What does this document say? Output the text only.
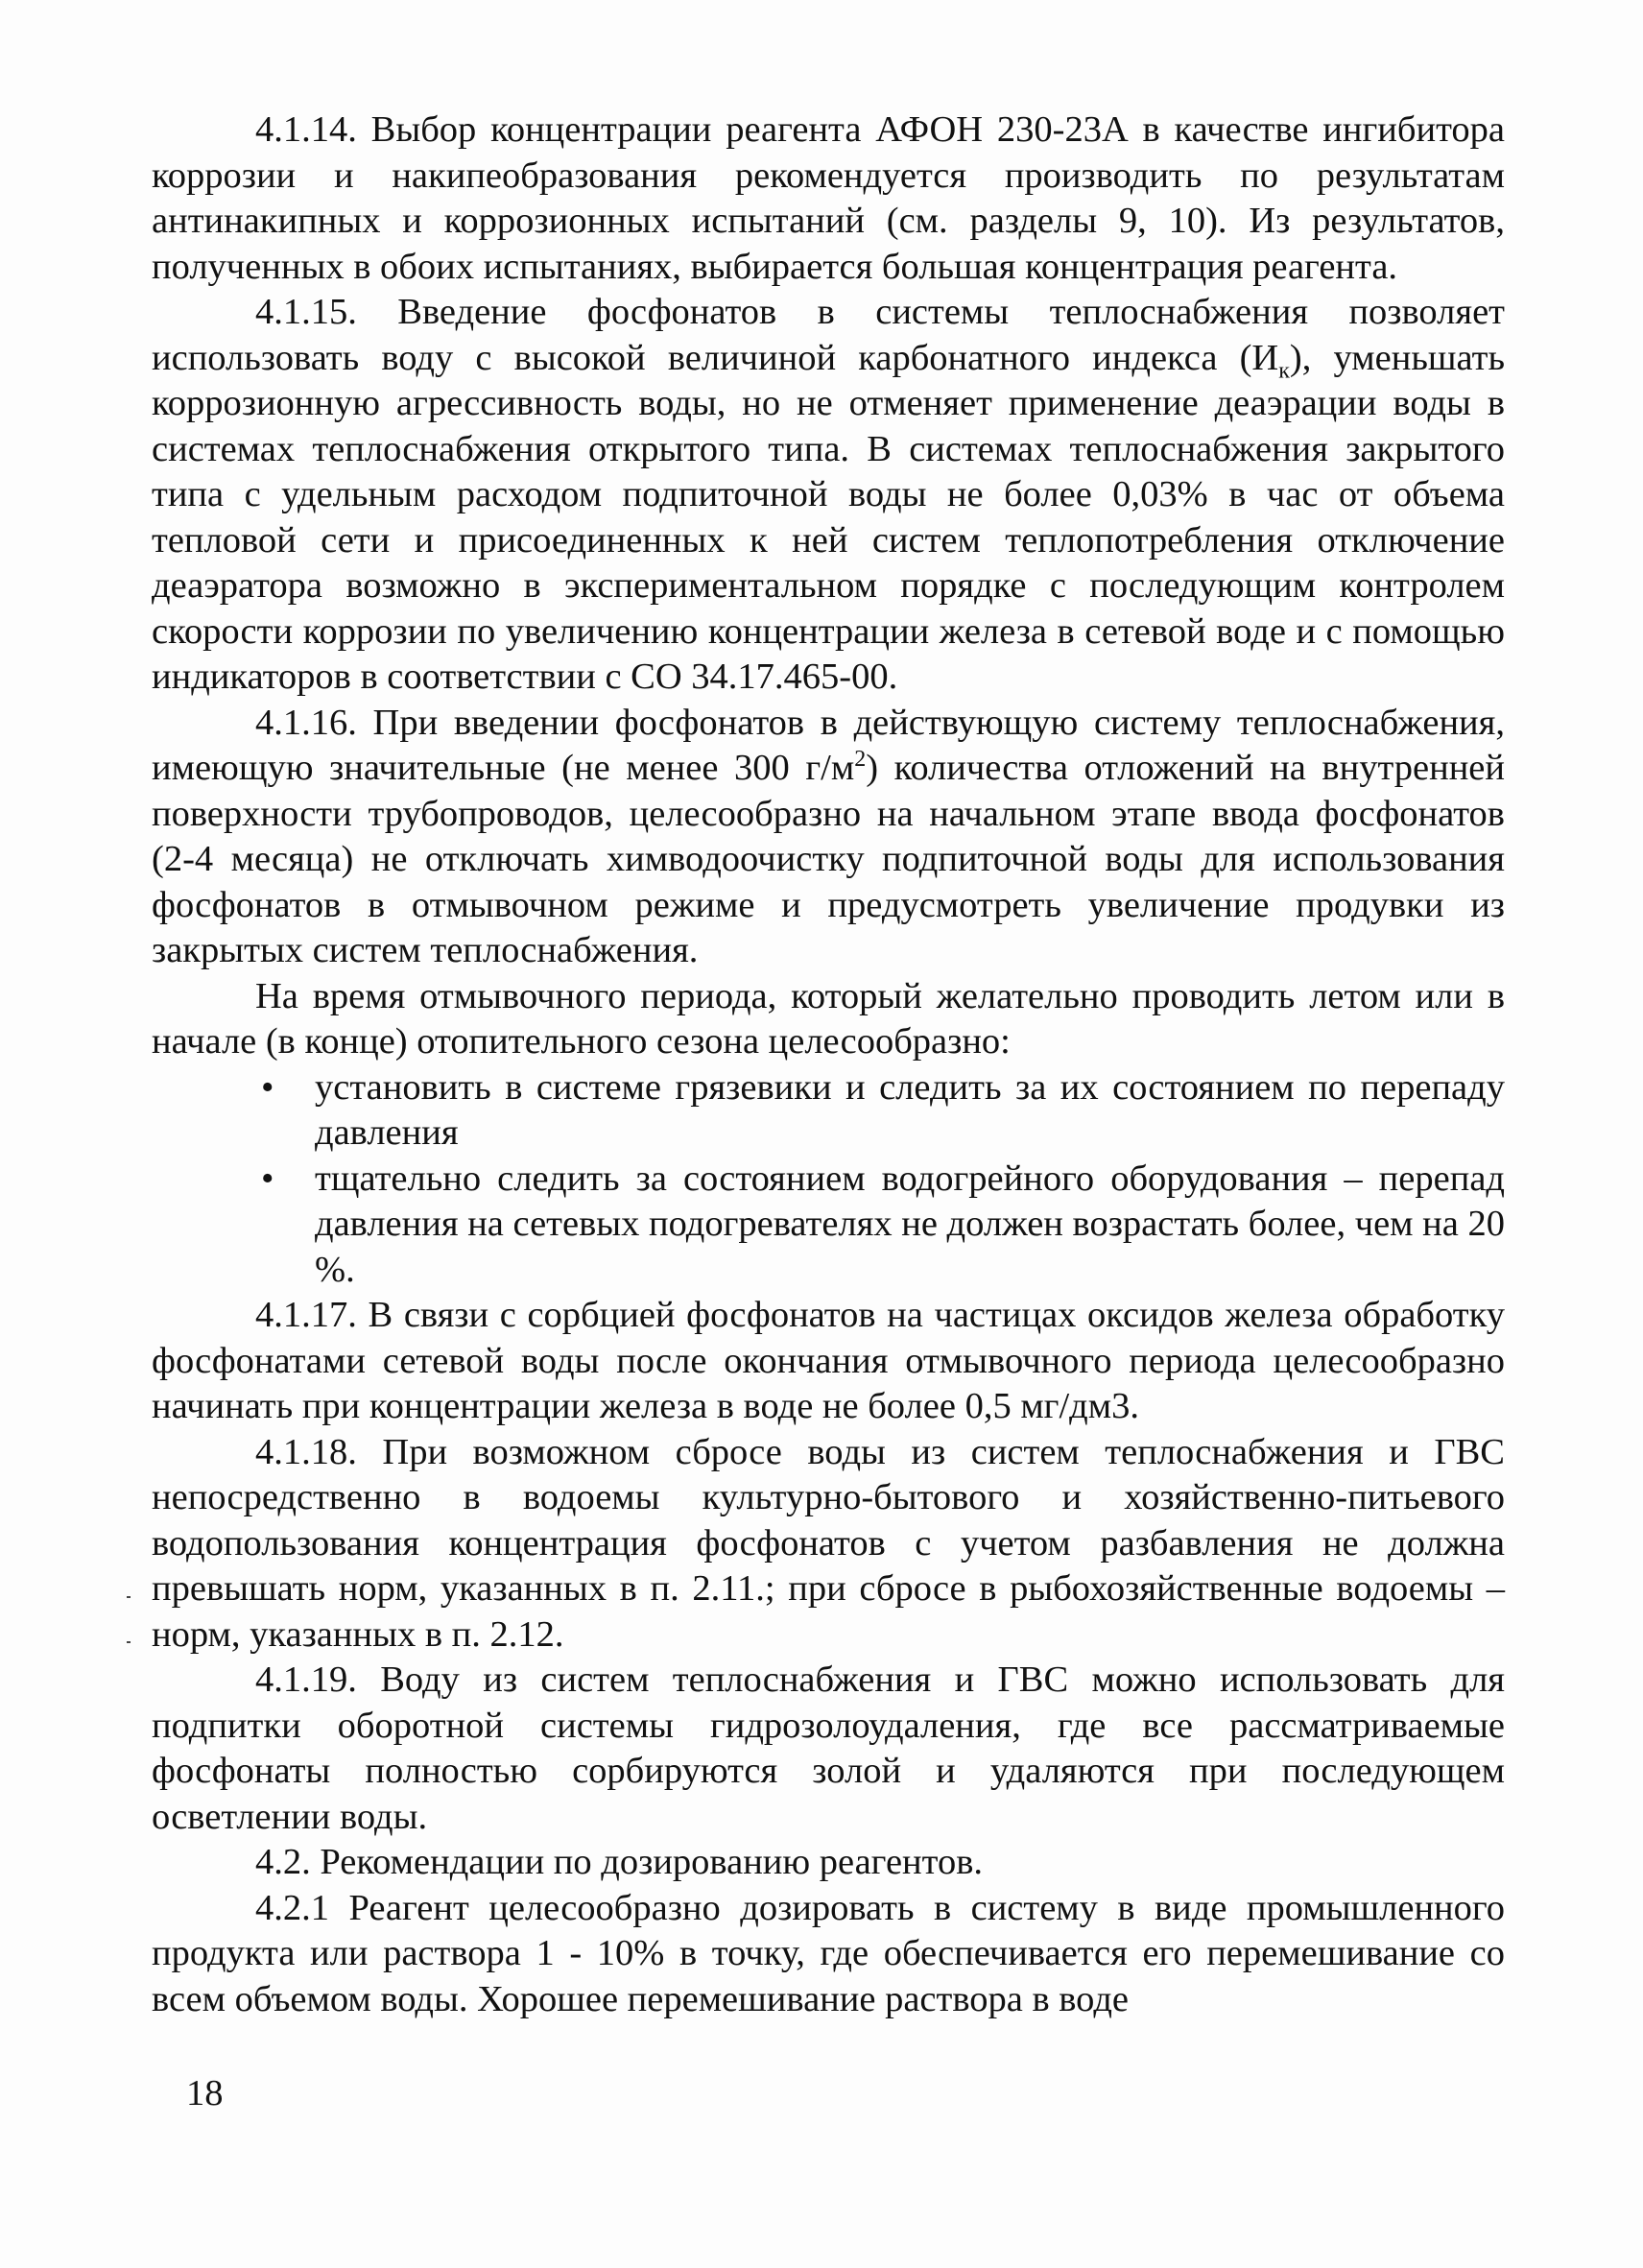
4.1.14. Выбор концентрации реагента АФОН 230-23А в качестве ингибитора коррозии и накипеобразования рекомендуется производить по результатам антинакипных и коррозионных испытаний (см. разделы 9, 10). Из результатов, полученных в обоих испытаниях, выбирается большая концентрация реагента.

4.1.15. Введение фосфонатов в системы теплоснабжения позволяет использовать воду с высокой величиной карбонатного индекса $(И_к)$, уменьшать коррозионную агрессивность воды, но не отменяет применение деаэрации воды в системах теплоснабжения открытого типа. В системах теплоснабжения закрытого типа с удельным расходом подпиточной воды не более 0,03% в час от объема тепловой сети и присоединенных к ней систем теплопотребления отключение деаэратора возможно в экспериментальном порядке с последующим контролем скорости коррозии по увеличению концентрации железа в сетевой воде и с помощью индикаторов в соответствии с СО 34.17.465-00.

4.1.16. При введении фосфонатов в действующую систему теплоснабжения, имеющую значительные (не менее 300 $г/м^2$) количества отложений на внутренней поверхности трубопроводов, целесообразно на начальном этапе ввода фосфонатов (2-4 месяца) не отключать химводоочистку подпиточной воды для использования фосфонатов в отмывочном режиме и предусмотреть увеличение продувки из закрытых систем теплоснабжения.

На время отмывочного периода, который желательно проводить летом или в начале (в конце) отопительного сезона целесообразно:

• установить в системе грязевики и следить за их состоянием по перепаду давления
• тщательно следить за состоянием водогрейного оборудования – перепад давления на сетевых подогревателях не должен возрастать более, чем на 20 %.

4.1.17. В связи с сорбцией фосфонатов на частицах оксидов железа обработку фосфонатами сетевой воды после окончания отмывочного периода целесообразно начинать при концентрации железа в воде не более 0,5 мг/дм3.

4.1.18. При возможном сбросе воды из систем теплоснабжения и ГВС непосредственно в водоемы культурно-бытового и хозяйственно-питьевого водопользования концентрация фосфонатов с учетом разбавления не должна превышать норм, указанных в п. 2.11.; при сбросе в рыбохозяйственные водоемы – норм, указанных в п. 2.12.

4.1.19. Воду из систем теплоснабжения и ГВС можно использовать для подпитки оборотной системы гидрозолоудаления, где все рассматриваемые фосфонаты полностью сорбируются золой и удаляются при последующем осветлении воды.

4.2. Рекомендации по дозированию реагентов.

4.2.1 Реагент целесообразно дозировать в систему в виде промышленного продукта или раствора 1 - 10% в точку, где обеспечивается его перемешивание со всем объемом воды. Хорошее перемешивание раствора в воде

18
